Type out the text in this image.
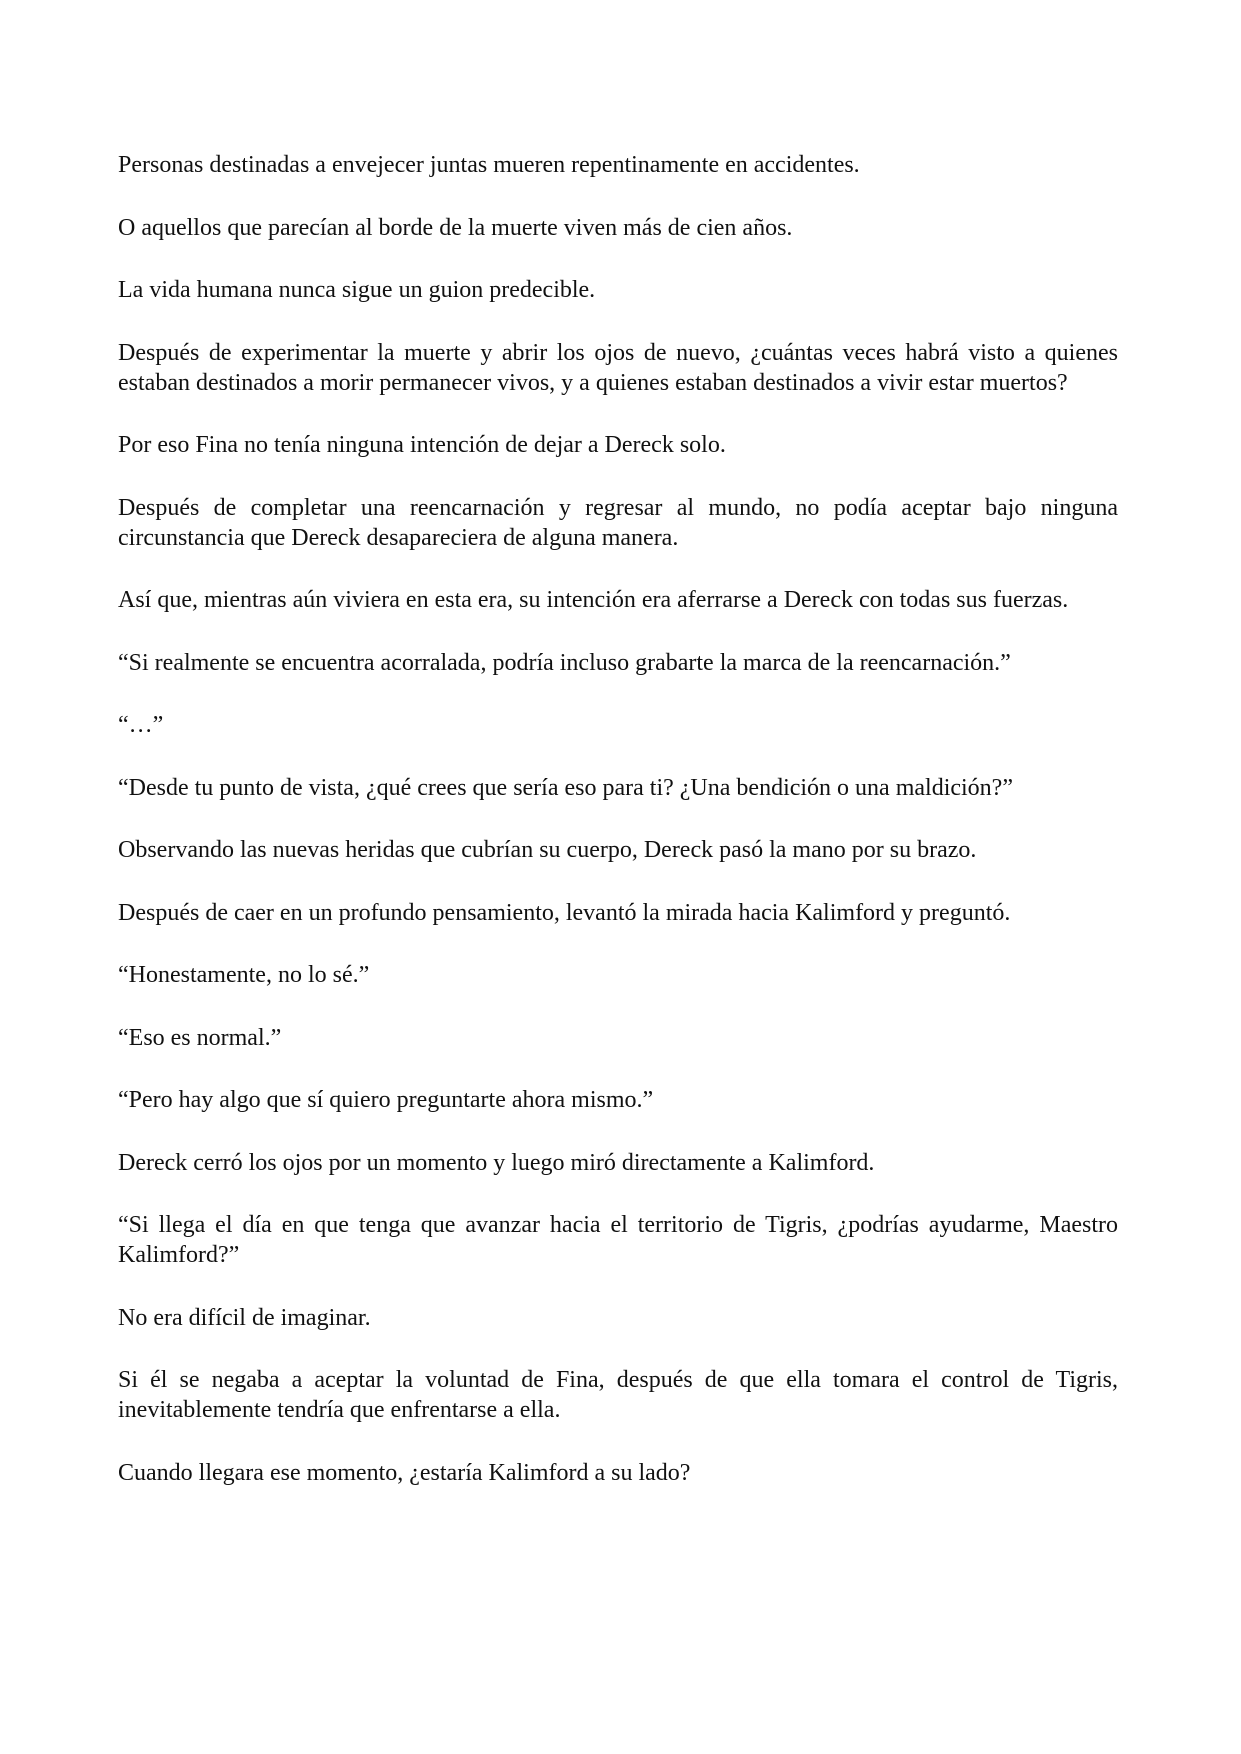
Personas destinadas a envejecer juntas mueren repentinamente en accidentes.

O aquellos que parecían al borde de la muerte viven más de cien años.

La vida humana nunca sigue un guion predecible.

Después de experimentar la muerte y abrir los ojos de nuevo, ¿cuántas veces habrá visto a quienes estaban destinados a morir permanecer vivos, y a quienes estaban destinados a vivir estar muertos?

Por eso Fina no tenía ninguna intención de dejar a Dereck solo.

Después de completar una reencarnación y regresar al mundo, no podía aceptar bajo ninguna circunstancia que Dereck desapareciera de alguna manera.

Así que, mientras aún viviera en esta era, su intención era aferrarse a Dereck con todas sus fuerzas.

“Si realmente se encuentra acorralada, podría incluso grabarte la marca de la reencarnación.”

“…”

“Desde tu punto de vista, ¿qué crees que sería eso para ti? ¿Una bendición o una maldición?”

Observando las nuevas heridas que cubrían su cuerpo, Dereck pasó la mano por su brazo.

Después de caer en un profundo pensamiento, levantó la mirada hacia Kalimford y preguntó.

“Honestamente, no lo sé.”

“Eso es normal.”

“Pero hay algo que sí quiero preguntarte ahora mismo.”

Dereck cerró los ojos por un momento y luego miró directamente a Kalimford.

“Si llega el día en que tenga que avanzar hacia el territorio de Tigris, ¿podrías ayudarme, Maestro Kalimford?”

No era difícil de imaginar.

Si él se negaba a aceptar la voluntad de Fina, después de que ella tomara el control de Tigris, inevitablemente tendría que enfrentarse a ella.

Cuando llegara ese momento, ¿estaría Kalimford a su lado?
